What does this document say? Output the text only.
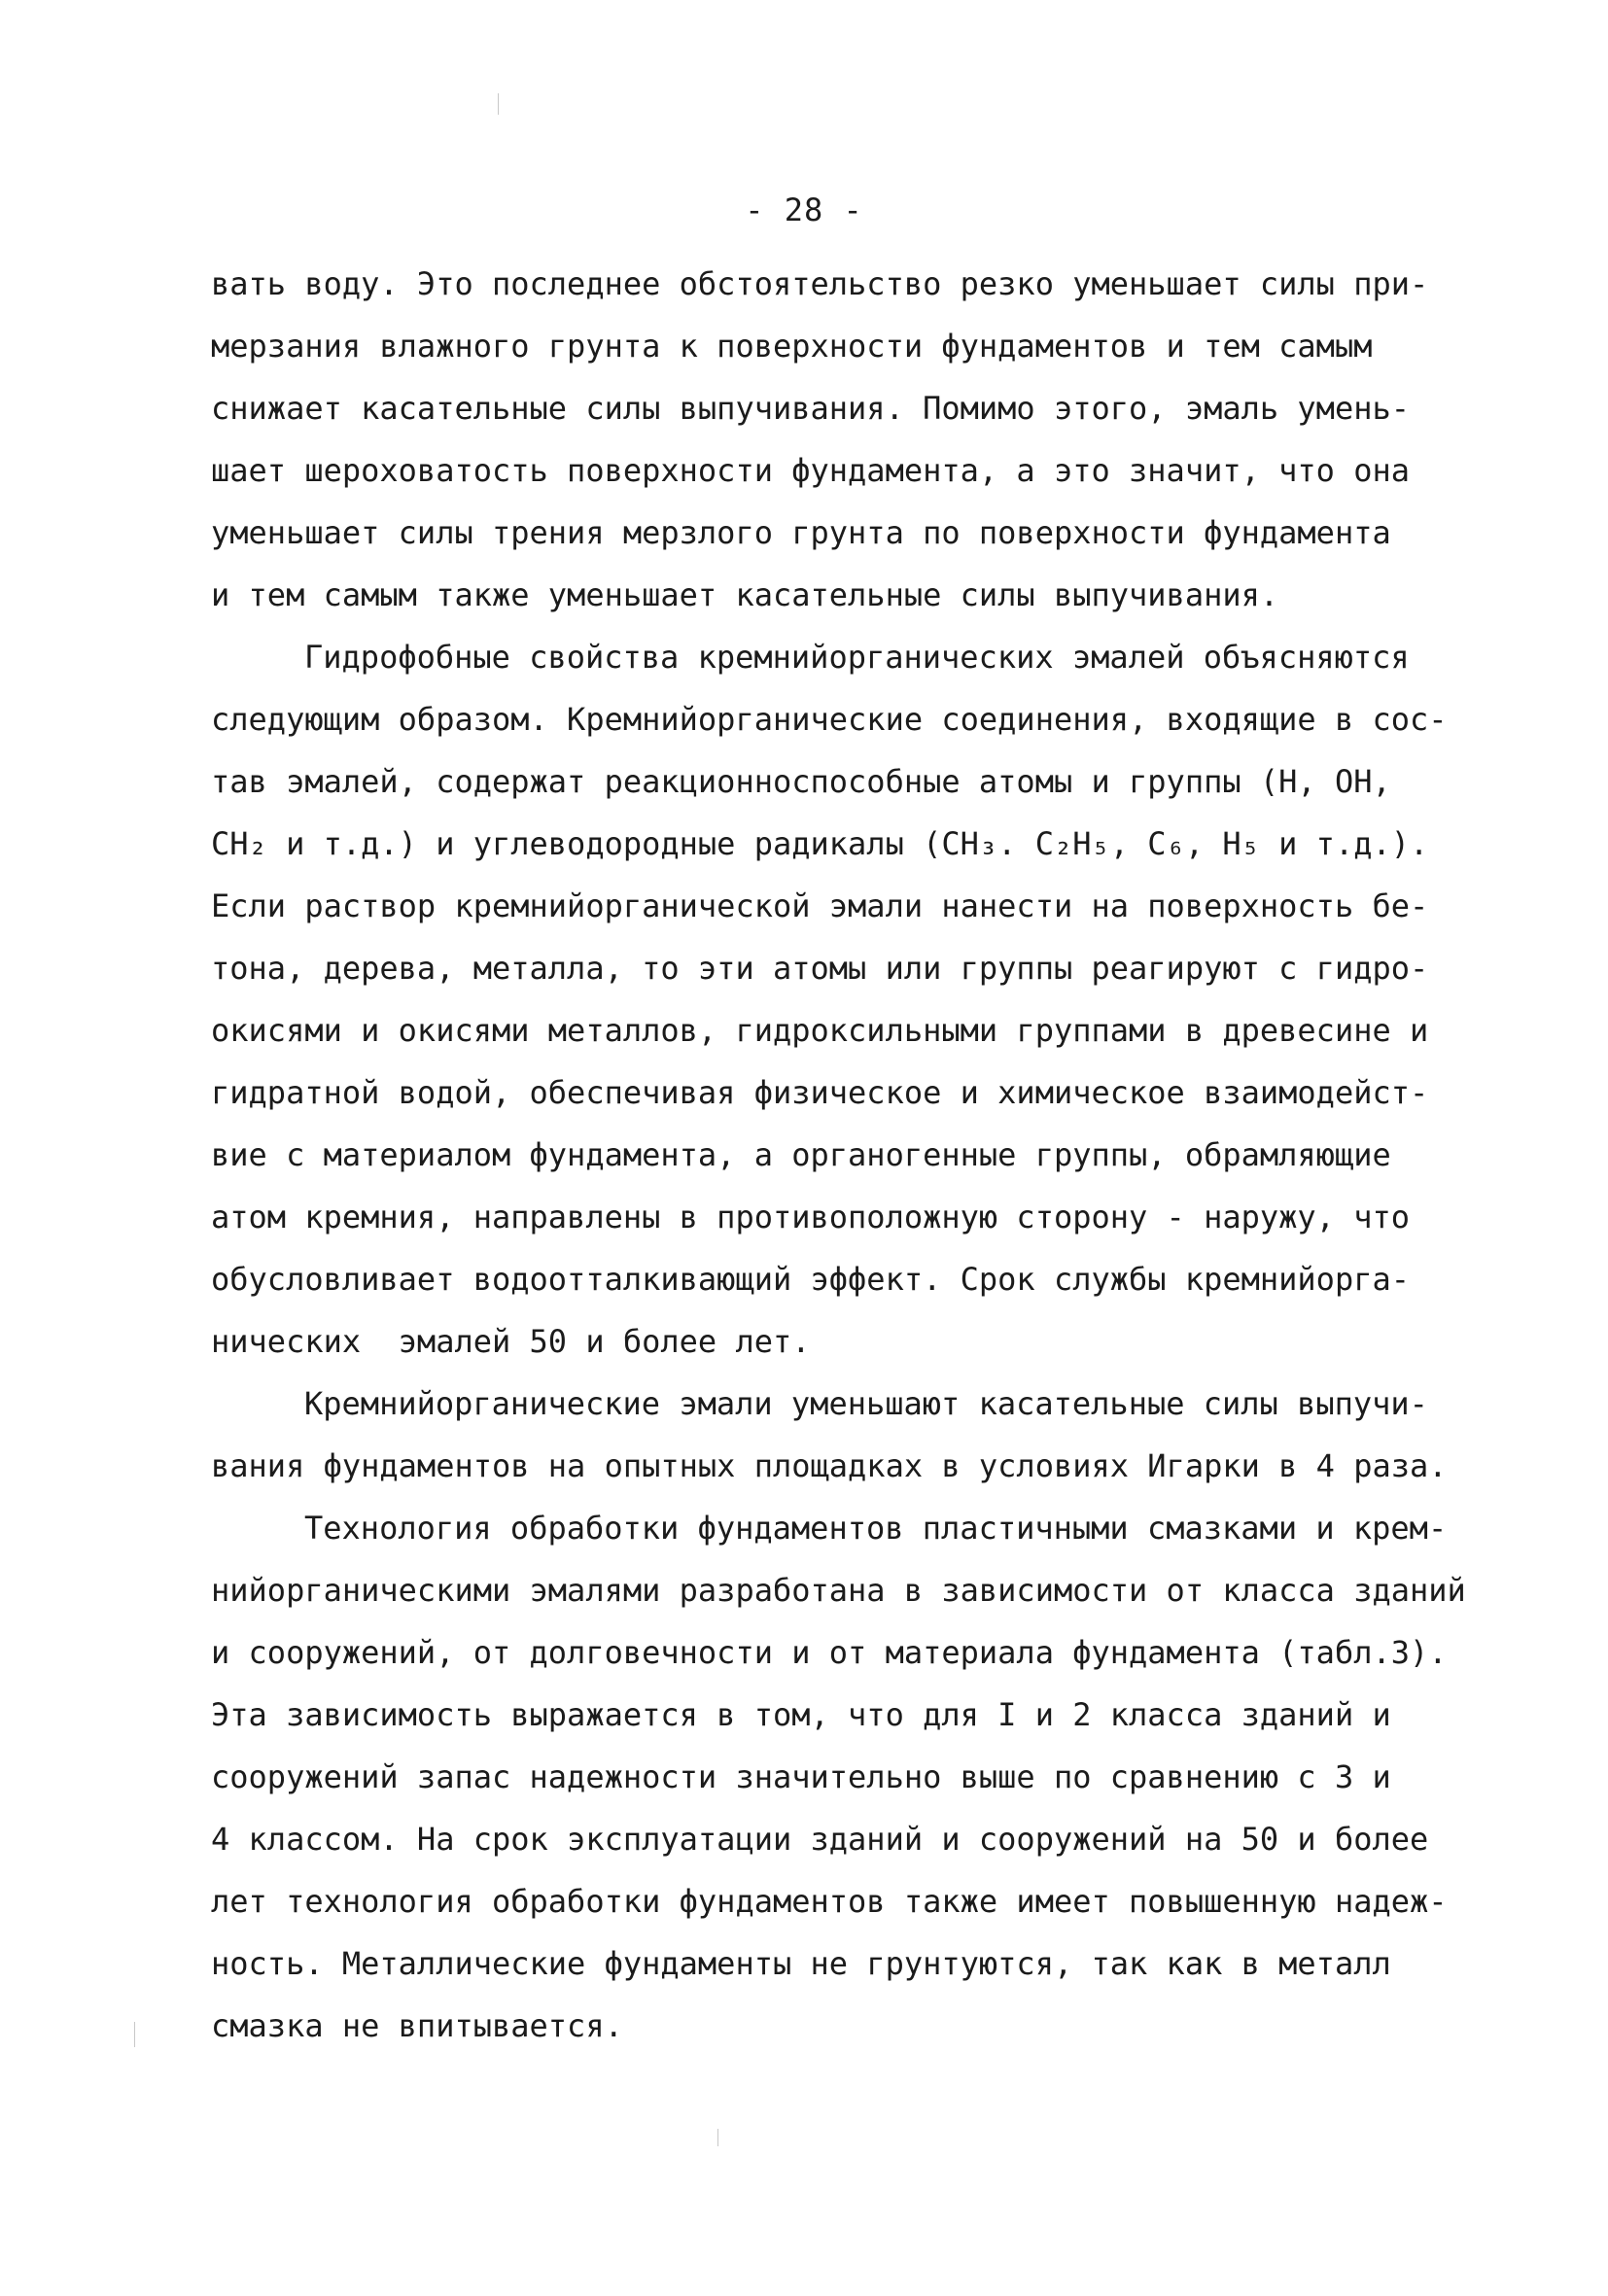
- 28 -
вать воду. Это последнее обстоятельство резко уменьшает силы при-
мерзания влажного грунта к поверхности фундаментов и тем самым
снижает касательные силы выпучивания. Помимо этого, эмаль умень-
шает шероховатость поверхности фундамента, а это значит, что она
уменьшает силы трения мерзлого грунта по поверхности фундамента
и тем самым также уменьшает касательные силы выпучивания.
Гидрофобные свойства кремнийорганических эмалей объясняются
следующим образом. Кремнийорганические соединения, входящие в сос-
тав эмалей, содержат реакционноспособные атомы и группы (Н, ОН,
СН₂ и т.д.) и углеводородные радикалы (СН₃. С₂Н₅, С₆, Н₅ и т.д.).
Если раствор кремнийорганической эмали нанести на поверхность бе-
тона, дерева, металла, то эти атомы или группы реагируют с гидро-
окисями и окисями металлов, гидроксильными группами в древесине и
гидратной водой, обеспечивая физическое и химическое взаимодейст-
вие с материалом фундамента, а органогенные группы, обрамляющие
атом кремния, направлены в противоположную сторону - наружу, что
обусловливает водоотталкивающий эффект. Срок службы кремнийорга-
нических  эмалей 50 и более лет.
Кремнийорганические эмали уменьшают касательные силы выпучи-
вания фундаментов на опытных площадках в условиях Игарки в 4 раза.
Технология обработки фундаментов пластичными смазками и крем-
нийорганическими эмалями разработана в зависимости от класса зданий
и сооружений, от долговечности и от материала фундамента (табл.3).
Эта зависимость выражается в том, что для I и 2 класса зданий и
сооружений запас надежности значительно выше по сравнению с 3 и
4 классом. На срок эксплуатации зданий и сооружений на 50 и более
лет технология обработки фундаментов также имеет повышенную надеж-
ность. Металлические фундаменты не грунтуются, так как в металл
смазка не впитывается.
